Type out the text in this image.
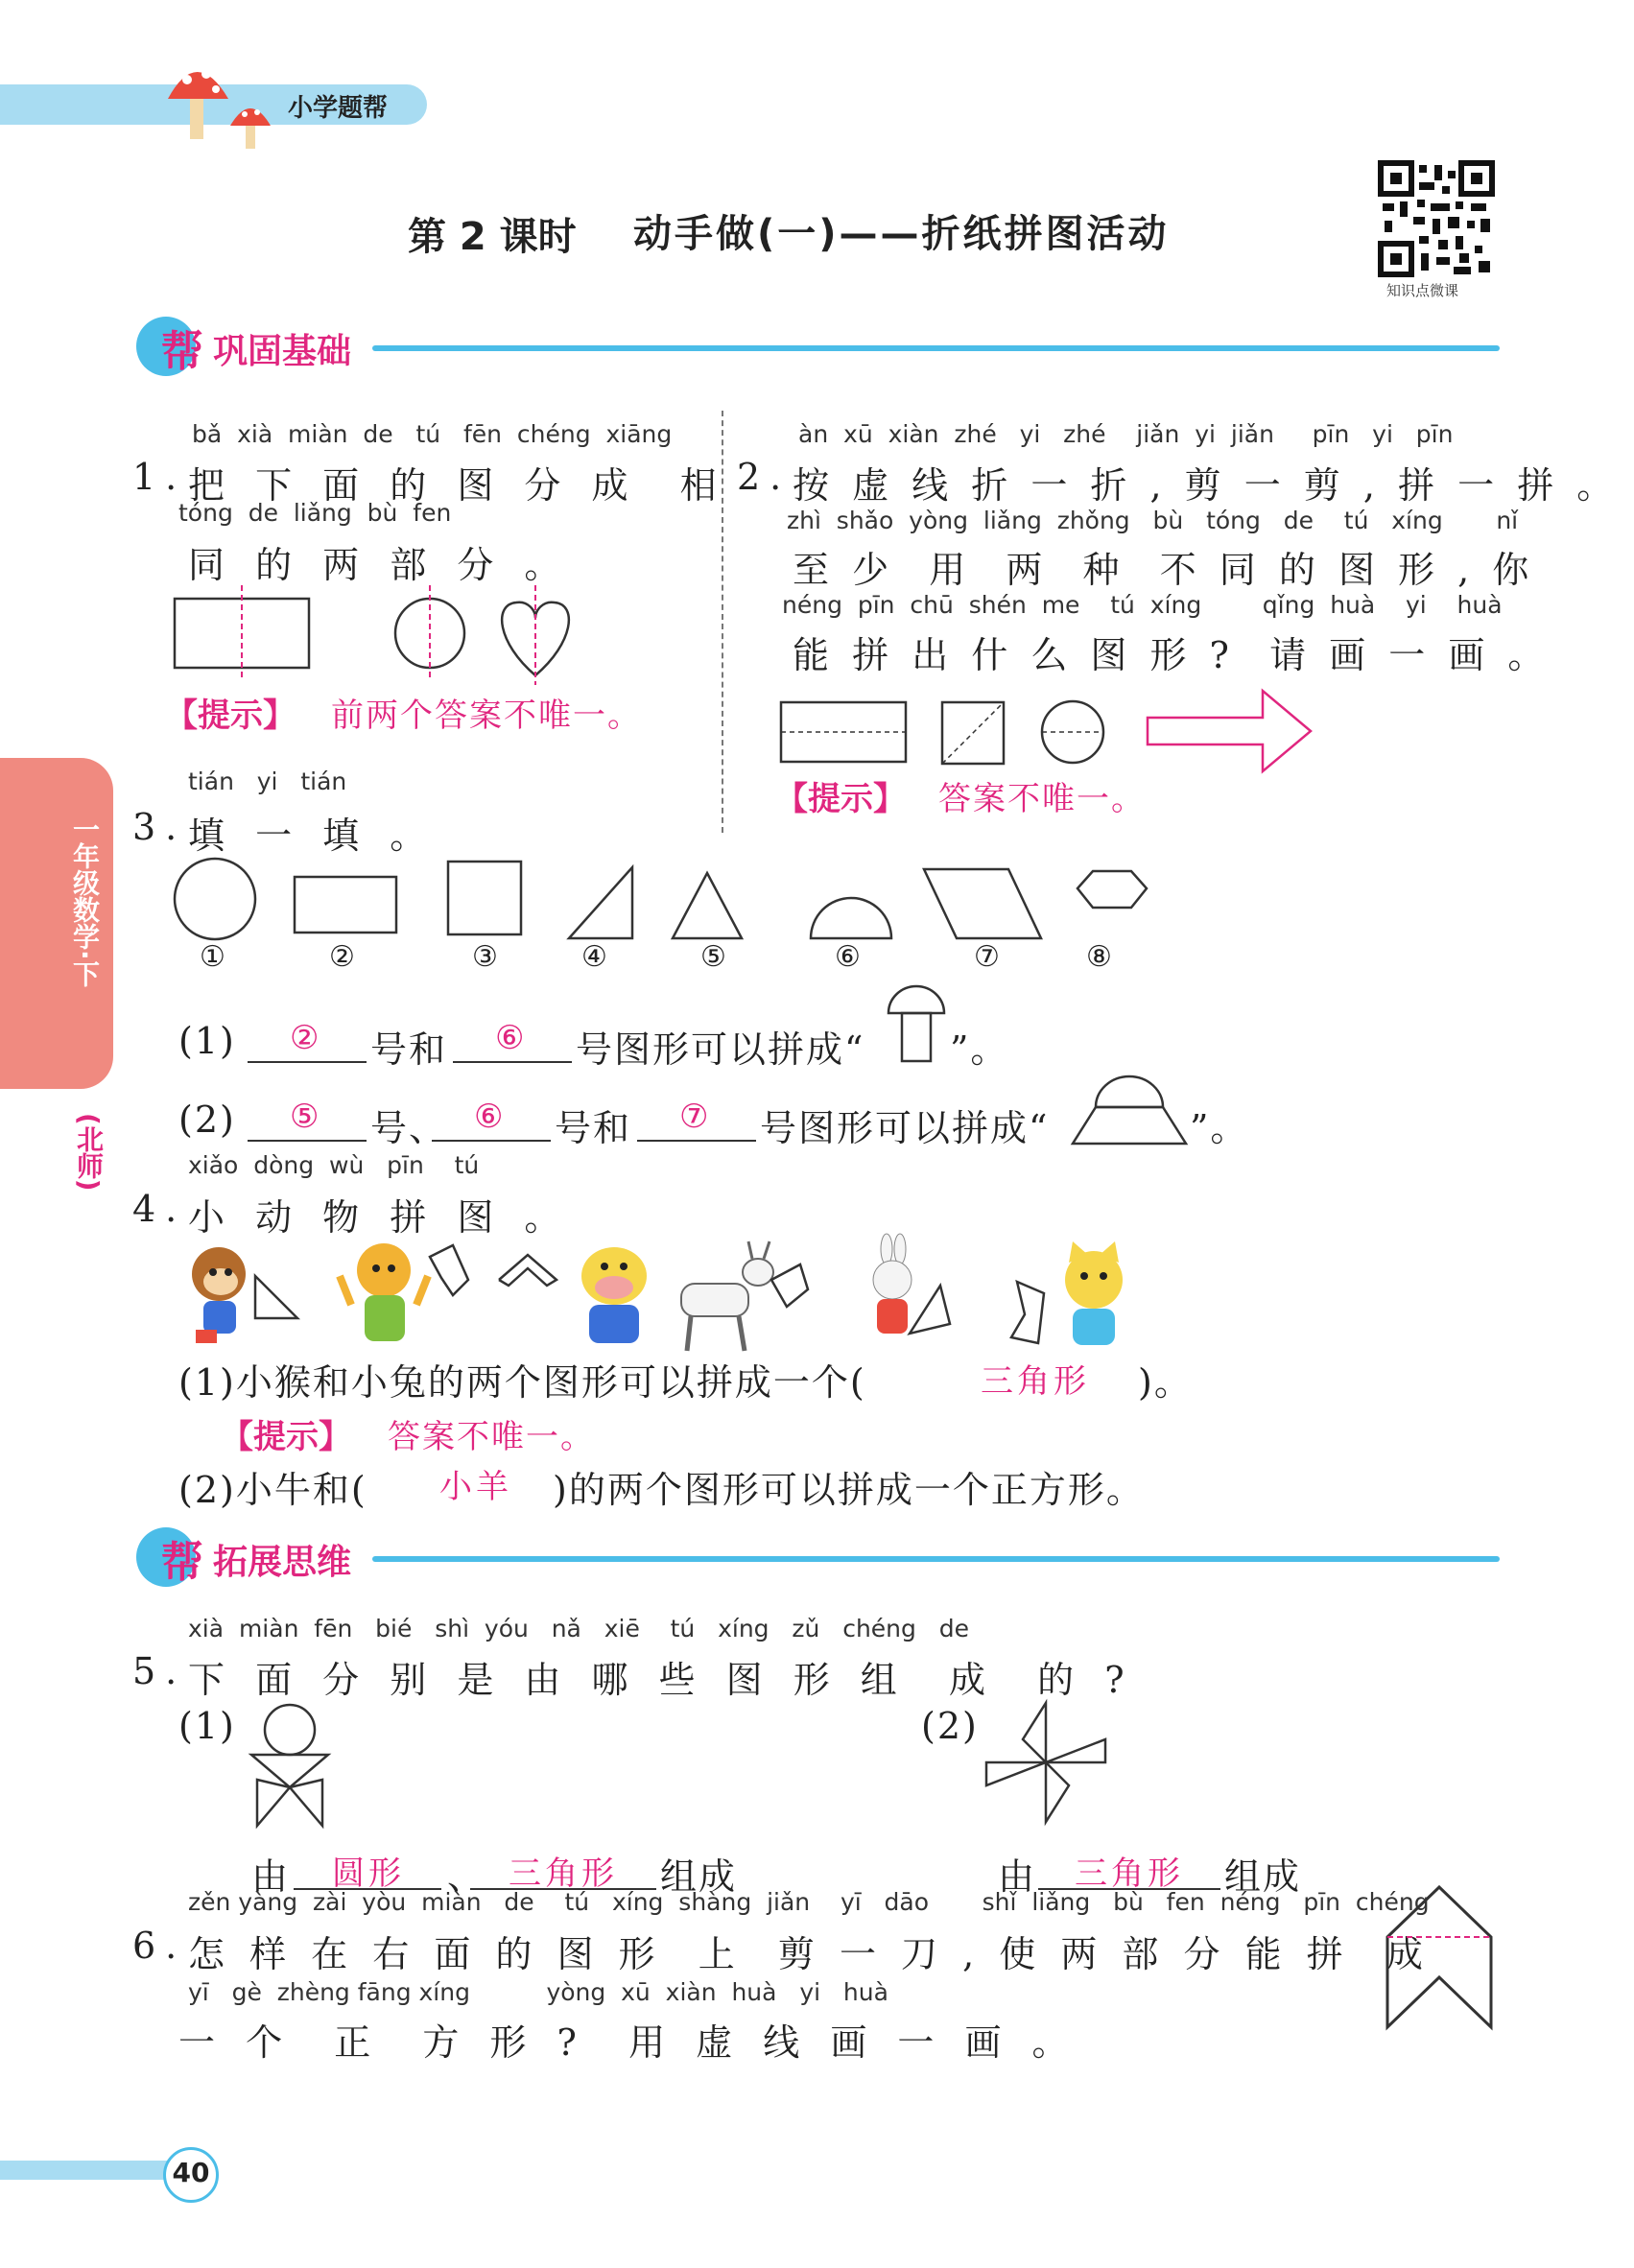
小学题帮
第 2 课时 动手做(一)——折纸拼图活动
知识点微课
帮 巩固基础
一年级数学·下
(北师)
bǎ  xià  miàn  de   tú   fēn  chéng  xiāng
1. 把 下 面 的 图 分 成  相
tóng  de  liǎng  bù  fen
同 的 两 部 分 。
【提示】 前两个答案不唯一。
àn  xū  xiàn  zhé   yi   zhé    jiǎn  yi  jiǎn     pīn   yi   pīn
2. 按 虚 线 折 一 折 , 剪 一 剪 , 拼 一 拼 。
zhì  shǎo  yòng  liǎng  zhǒng   bù   tóng   de    tú   xíng       nǐ
至 少  用  两  种  不 同 的 图 形 , 你
néng  pīn  chū  shén  me    tú  xíng        qǐng  huà    yi    huà
能 拼 出 什 么 图 形 ?  请 画 一 画 。
【提示】 答案不唯一。
tián   yi   tián
3. 填 一 填 。
①	②	③	④	⑤	⑥	⑦	⑧
(1) ② 号和 ⑥ 号图形可以拼成“ ”。
(2) ⑤ 号、 ⑥ 号和 ⑦ 号图形可以拼成“	”。
xiǎo  dòng  wù   pīn    tú
4. 小 动 物 拼 图 。
(1)小猴和小兔的两个图形可以拼成一个(	三角形 )。
【提示】 答案不唯一。
(2)小牛和( 小羊 )的两个图形可以拼成一个正方形。
帮 拓展思维
xià  miàn  fēn   bié   shì  yóu   nǎ   xiē    tú   xíng   zǔ   chéng   de
5. 下 面 分 别 是 由 哪 些 图 形 组  成  的 ?
(1)	(2)
由 圆形 、 三角形 组成	由 三角形 组成
zěn yàng  zài  yòu  miàn   de    tú   xíng  shàng  jiǎn    yī   dāo       shǐ  liǎng   bù   fen  néng   pīn  chéng
6. 怎 样 在 右 面 的 图 形  上  剪 一 刀 , 使 两 部 分 能 拼  成
yī   gè  zhèng fāng xíng          yòng  xū  xiàn  huà   yi   huà
一 个  正  方 形 ?  用 虚 线 画 一 画 。
40
